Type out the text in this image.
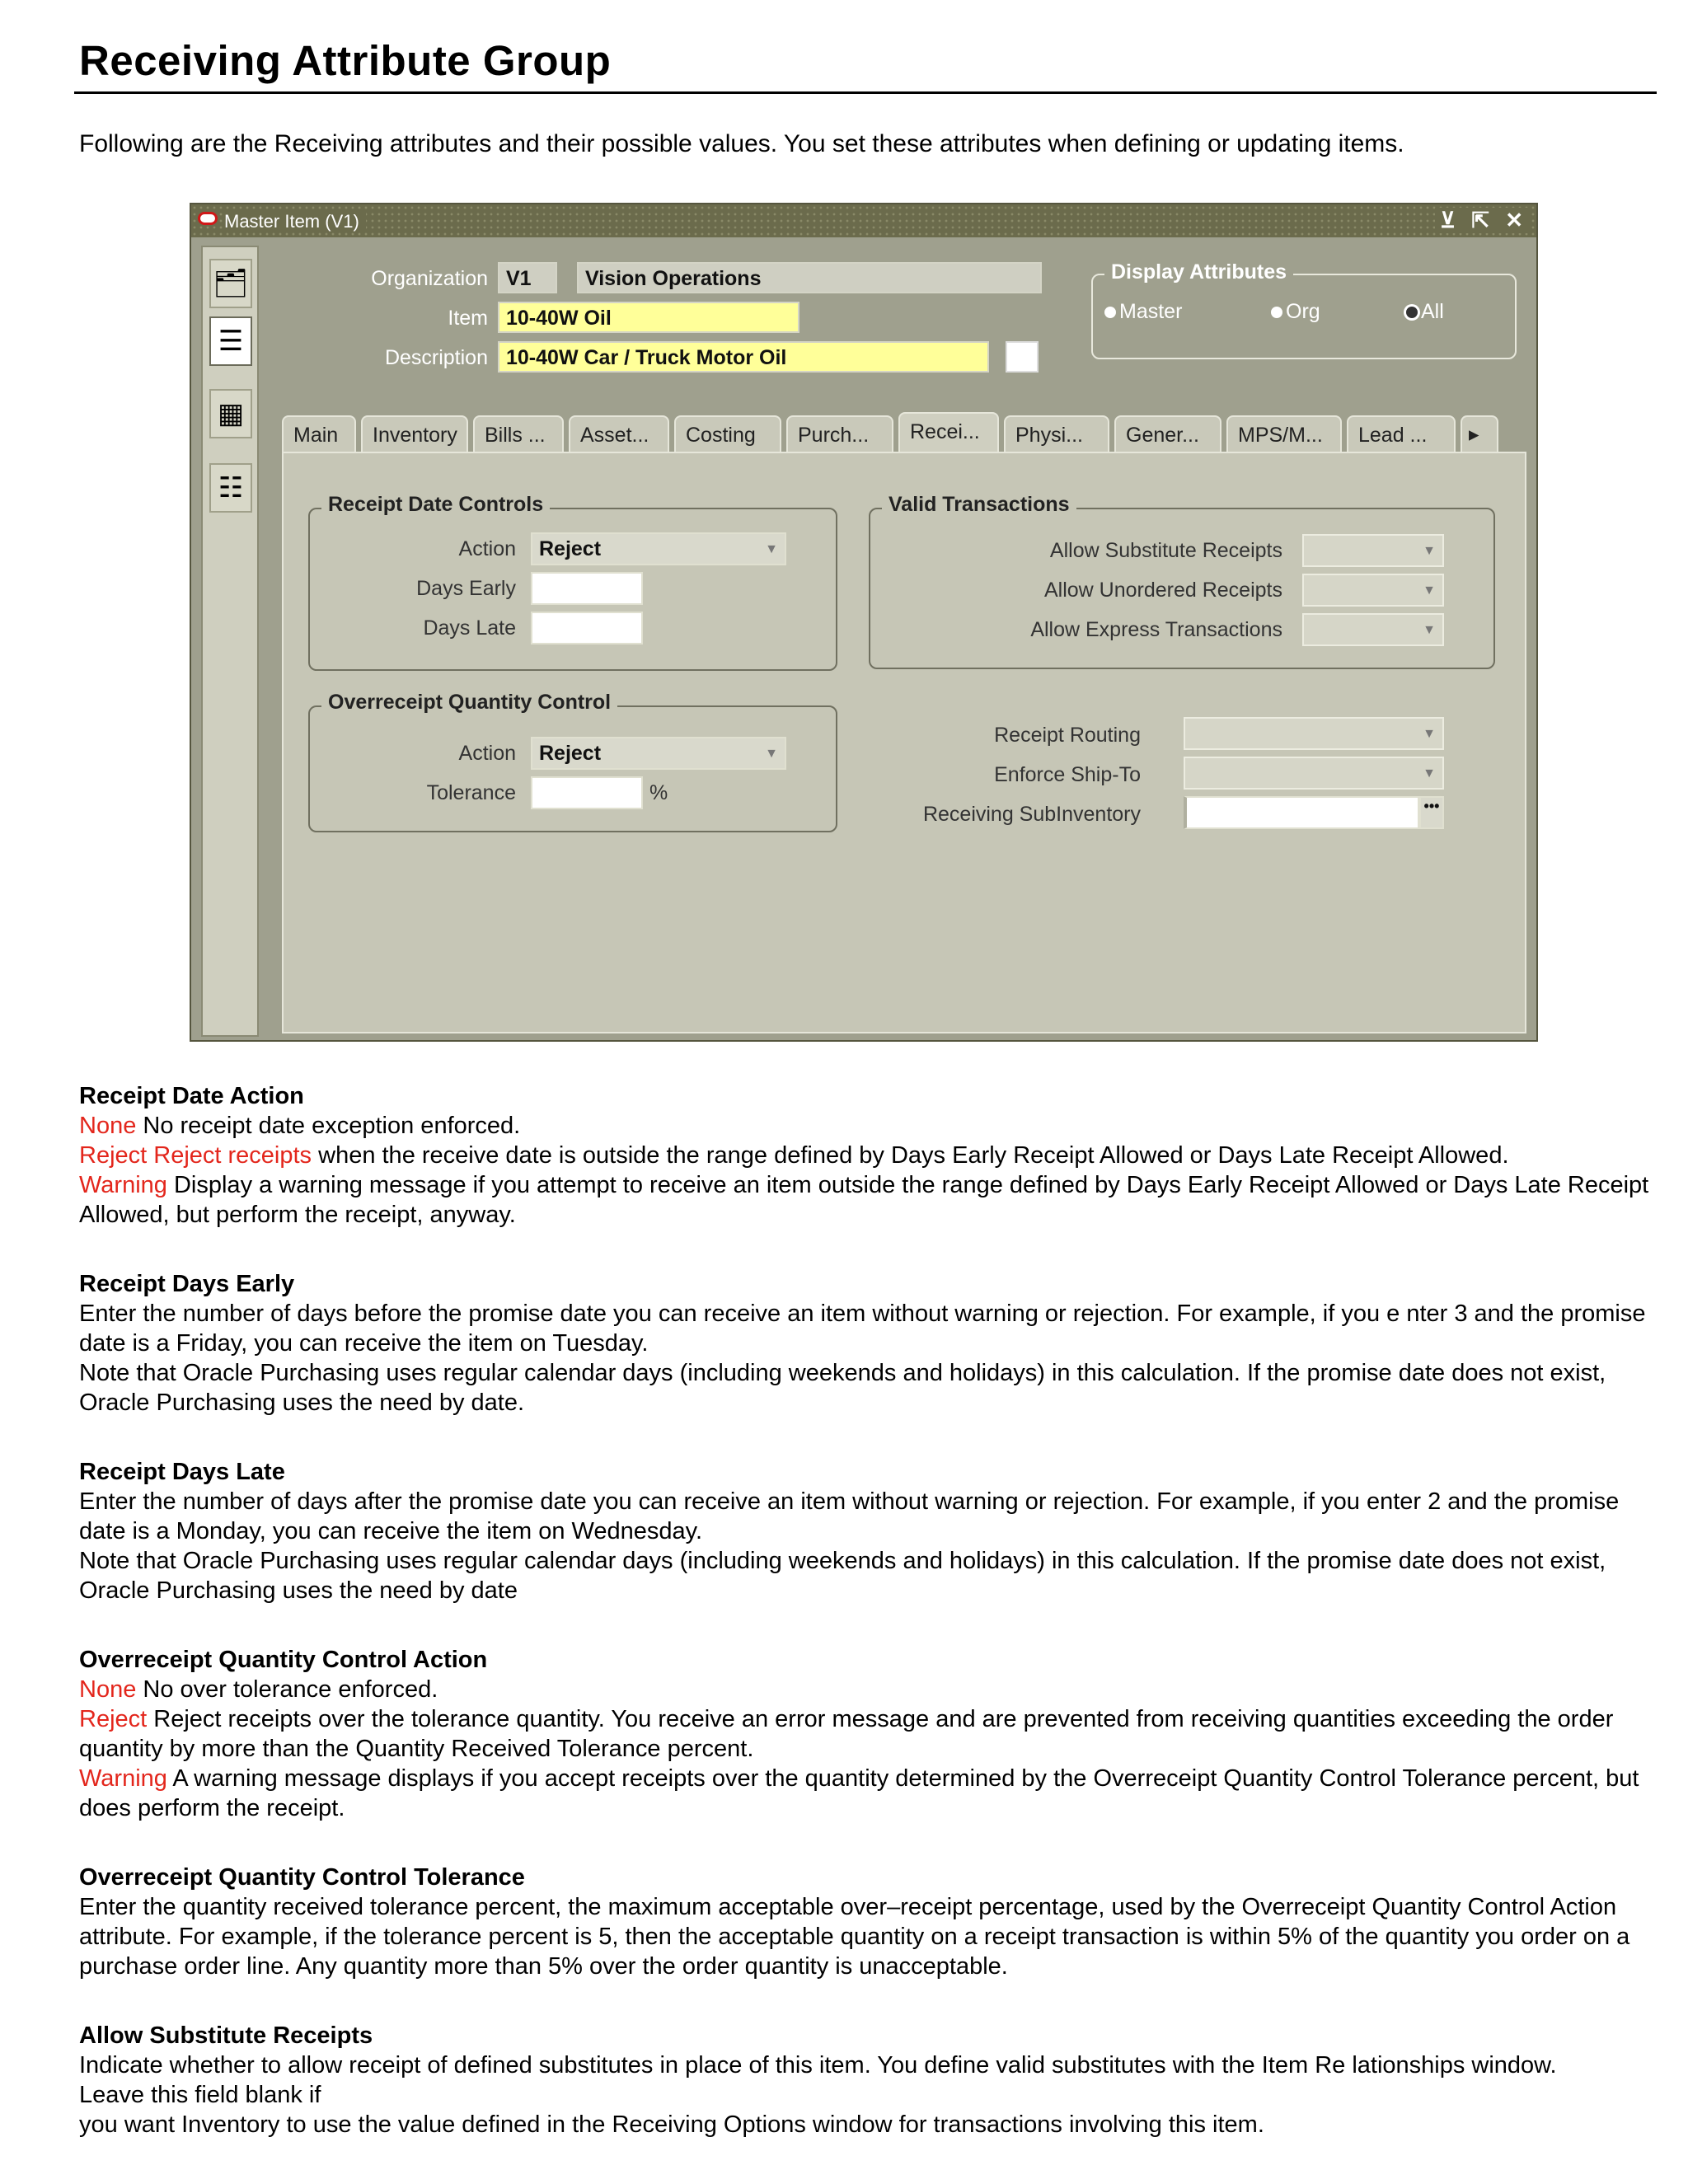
Receiving Attribute Group
Following are the Receiving attributes and their possible values. You set these attributes when defining or updating items.
Master Item (V1)	⊻ ⇱ ✕
🗂
☰
▦
☷
Organization V1	Vision Operations
Item 10-40W Oil
Description 10-40W Car / Truck Motor Oil
Display Attributes
Master	Org	All
Main	Inventory	Bills ...	Asset...	Costing	Purch...	Recei...	Physi...	Gener...	MPS/M...	Lead ...	▸
Receipt Date Controls
Action	Reject	▼
Days Early
Days Late
Valid Transactions
Allow Substitute Receipts	▼
Allow Unordered Receipts	▼
Allow Express Transactions	▼
Overreceipt Quantity Control
Action	Reject	▼
Tolerance	%
Receipt Routing	▼
Enforce Ship-To	▼
Receiving SubInventory	•••
Receipt Date Action
None No receipt date exception enforced.
Reject Reject receipts when the receive date is outside the range defined by Days Early Receipt Allowed or Days Late Receipt Allowed.
Warning Display a warning message if you attempt to receive an item outside the range defined by Days Early Receipt Allowed or Days Late Receipt Allowed, but perform the receipt, anyway.
Receipt Days Early
Enter the number of days before the promise date you can receive an item without warning or rejection. For example, if you e nter 3 and the promise date is a Friday, you can receive the item on Tuesday.
Note that Oracle Purchasing uses regular calendar days (including weekends and holidays) in this calculation. If the promise date does not exist, Oracle Purchasing uses the need by date.
Receipt Days Late
Enter the number of days after the promise date you can receive an item without warning or rejection. For example, if you enter 2 and the promise date is a Monday, you can receive the item on Wednesday.
Note that Oracle Purchasing uses regular calendar days (including weekends and holidays) in this calculation. If the promise date does not exist, Oracle Purchasing uses the need by date
Overreceipt Quantity Control Action
None No over tolerance enforced.
Reject Reject receipts over the tolerance quantity. You receive an error message and are prevented from receiving quantities exceeding the order quantity by more than the Quantity Received Tolerance percent.
Warning A warning message displays if you accept receipts over the quantity determined by the Overreceipt Quantity Control Tolerance percent, but does perform the receipt.
Overreceipt Quantity Control Tolerance
Enter the quantity received tolerance percent, the maximum acceptable over–receipt percentage, used by the Overreceipt Quantity Control Action attribute. For example, if the tolerance percent is 5, then the acceptable quantity on a receipt transaction is within 5% of the quantity you order on a purchase order line. Any quantity more than 5% over the order quantity is unacceptable.
Allow Substitute Receipts
Indicate whether to allow receipt of defined substitutes in place of this item. You define valid substitutes with the Item Re lationships window.
Leave this field blank if
you want Inventory to use the value defined in the Receiving Options window for transactions involving this item.
